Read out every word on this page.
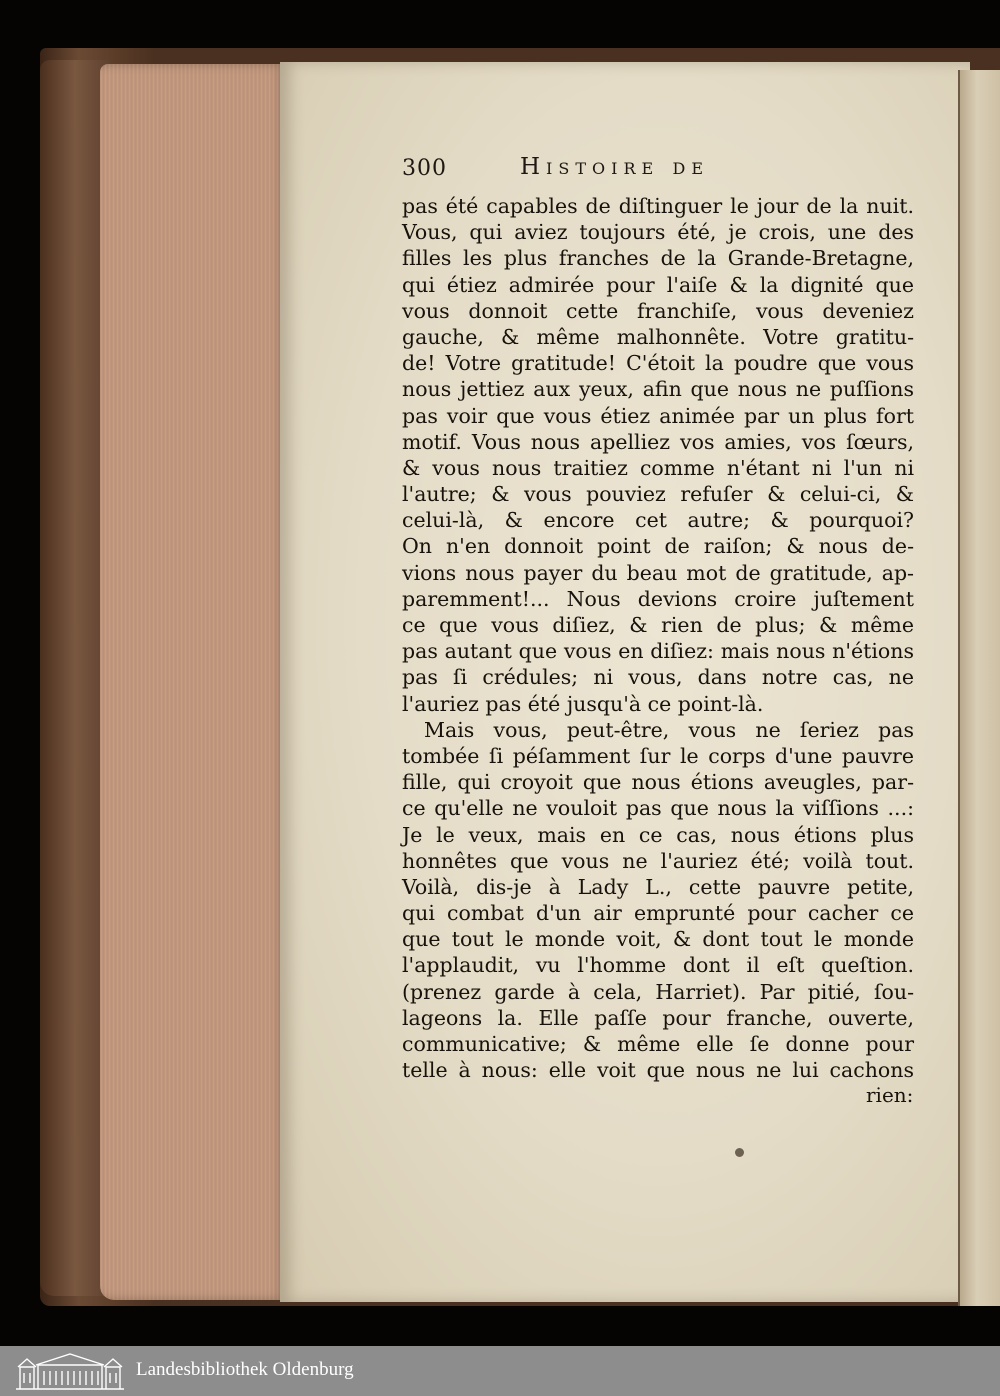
300	Histoire de
pas été capables de diſtinguer le jour de la nuit.
Vous, qui aviez toujours été, je crois, une des
filles les plus franches de la Grande-Bretagne,
qui étiez admirée pour l'aiſe & la dignité que
vous donnoit cette franchiſe, vous deveniez
gauche, & même malhonnête. Votre gratitu-
de! Votre gratitude! C'étoit la poudre que vous
nous jettiez aux yeux, afin que nous ne puſſions
pas voir que vous étiez animée par un plus fort
motif. Vous nous apelliez vos amies, vos ſœurs,
& vous nous traitiez comme n'étant ni l'un ni
l'autre; & vous pouviez refuſer & celui-ci, &
celui-là, & encore cet autre; & pourquoi?
On n'en donnoit point de raiſon; & nous de-
vions nous payer du beau mot de gratitude, ap-
paremment!... Nous devions croire juſtement
ce que vous diſiez, & rien de plus; & même
pas autant que vous en diſiez: mais nous n'étions
pas ſi crédules; ni vous, dans notre cas, ne
l'auriez pas été jusqu'à ce point-là.
Mais vous, peut-être, vous ne ſeriez pas
tombée ſi péſamment ſur le corps d'une pauvre
fille, qui croyoit que nous étions aveugles, par-
ce qu'elle ne vouloit pas que nous la viſſions ...:
Je le veux, mais en ce cas, nous étions plus
honnêtes que vous ne l'auriez été; voilà tout.
Voilà, dis-je à Lady L., cette pauvre petite,
qui combat d'un air emprunté pour cacher ce
que tout le monde voit, & dont tout le monde
l'applaudit, vu l'homme dont il eſt queſtion.
(prenez garde à cela, Harriet). Par pitié, ſou-
lageons la. Elle paſſe pour franche, ouverte,
communicative; & même elle ſe donne pour
telle à nous: elle voit que nous ne lui cachons
rien:
Landesbibliothek Oldenburg
